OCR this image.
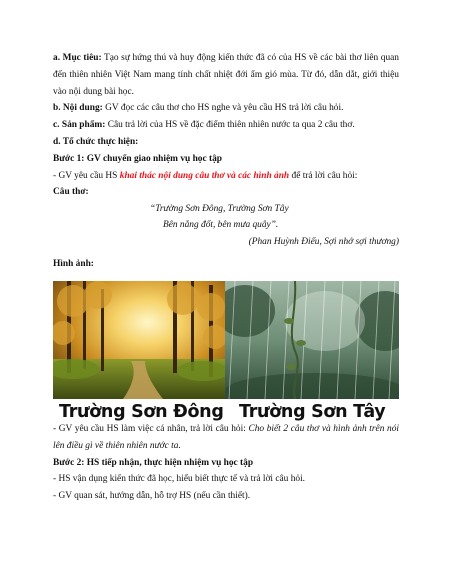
a. Mục tiêu: Tạo sự hứng thú và huy động kiến thức đã có của HS về các bài thơ liên quan đến thiên nhiên Việt Nam mang tính chất nhiệt đới ẩm gió mùa. Từ đó, dẫn dắt, giới thiệu vào nội dung bài học.

b. Nội dung: GV đọc các câu thơ cho HS nghe và yêu cầu HS trả lời câu hỏi.

c. Sản phẩm: Câu trả lời của HS về đặc điểm thiên nhiên nước ta qua 2 câu thơ.

d. Tổ chức thực hiện:

Bước 1: GV chuyển giao nhiệm vụ học tập

- GV yêu cầu HS khai thác nội dung câu thơ và các hình ảnh để trả lời câu hỏi:

Câu thơ:

“Trường Sơn Đông, Trường Sơn Tây
Bên nắng đốt, bên mưa quây”.
(Phan Huỳnh Điểu, Sợi nhớ sợi thương)

Hình ảnh:

Trường Sơn Đông Trường Sơn Tây

- GV yêu cầu HS làm việc cá nhân, trả lời câu hỏi: Cho biết 2 câu thơ và hình ảnh trên nói lên điều gì về thiên nhiên nước ta.

Bước 2: HS tiếp nhận, thực hiện nhiệm vụ học tập

- HS vận dụng kiến thức đã học, hiểu biết thực tế và trả lời câu hỏi.

- GV quan sát, hướng dẫn, hỗ trợ HS (nếu cần thiết).
